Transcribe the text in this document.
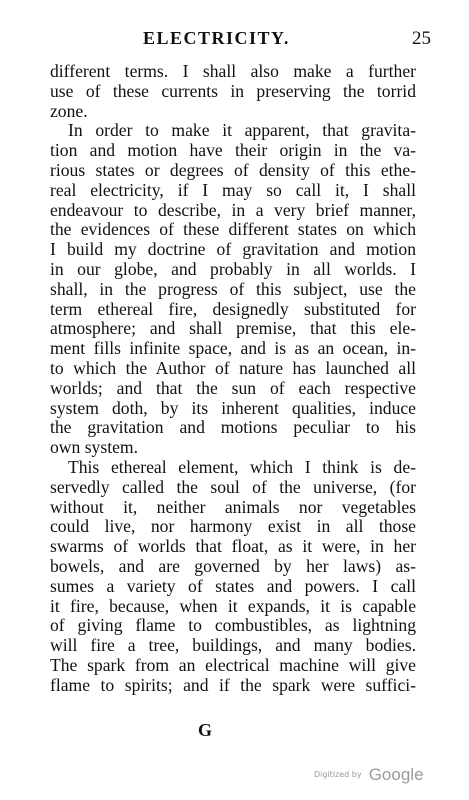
ELECTRICITY.	25

different terms. I shall also make a further

use of these currents in preserving the torrid

zone.

In order to make it apparent, that gravita-

tion and motion have their origin in the va-

rious states or degrees of density of this ethe-

real electricity, if I may so call it, I shall

endeavour to describe, in a very brief manner,

the evidences of these different states on which

I build my doctrine of gravitation and motion

in our globe, and probably in all worlds. I

shall, in the progress of this subject, use the

term ethereal fire, designedly substituted for

atmosphere; and shall premise, that this ele-

ment fills infinite space, and is as an ocean, in-

to which the Author of nature has launched all

worlds; and that the sun of each respective

system doth, by its inherent qualities, induce

the gravitation and motions peculiar to his

own system.

This ethereal element, which I think is de-

servedly called the soul of the universe, (for

without it, neither animals nor vegetables

could live, nor harmony exist in all those

swarms of worlds that float, as it were, in her

bowels, and are governed by her laws) as-

sumes a variety of states and powers. I call

it fire, because, when it expands, it is capable

of giving flame to combustibles, as lightning

will fire a tree, buildings, and many bodies.

The spark from an electrical machine will give

flame to spirits; and if the spark were suffici-

G
Digitized by Google
